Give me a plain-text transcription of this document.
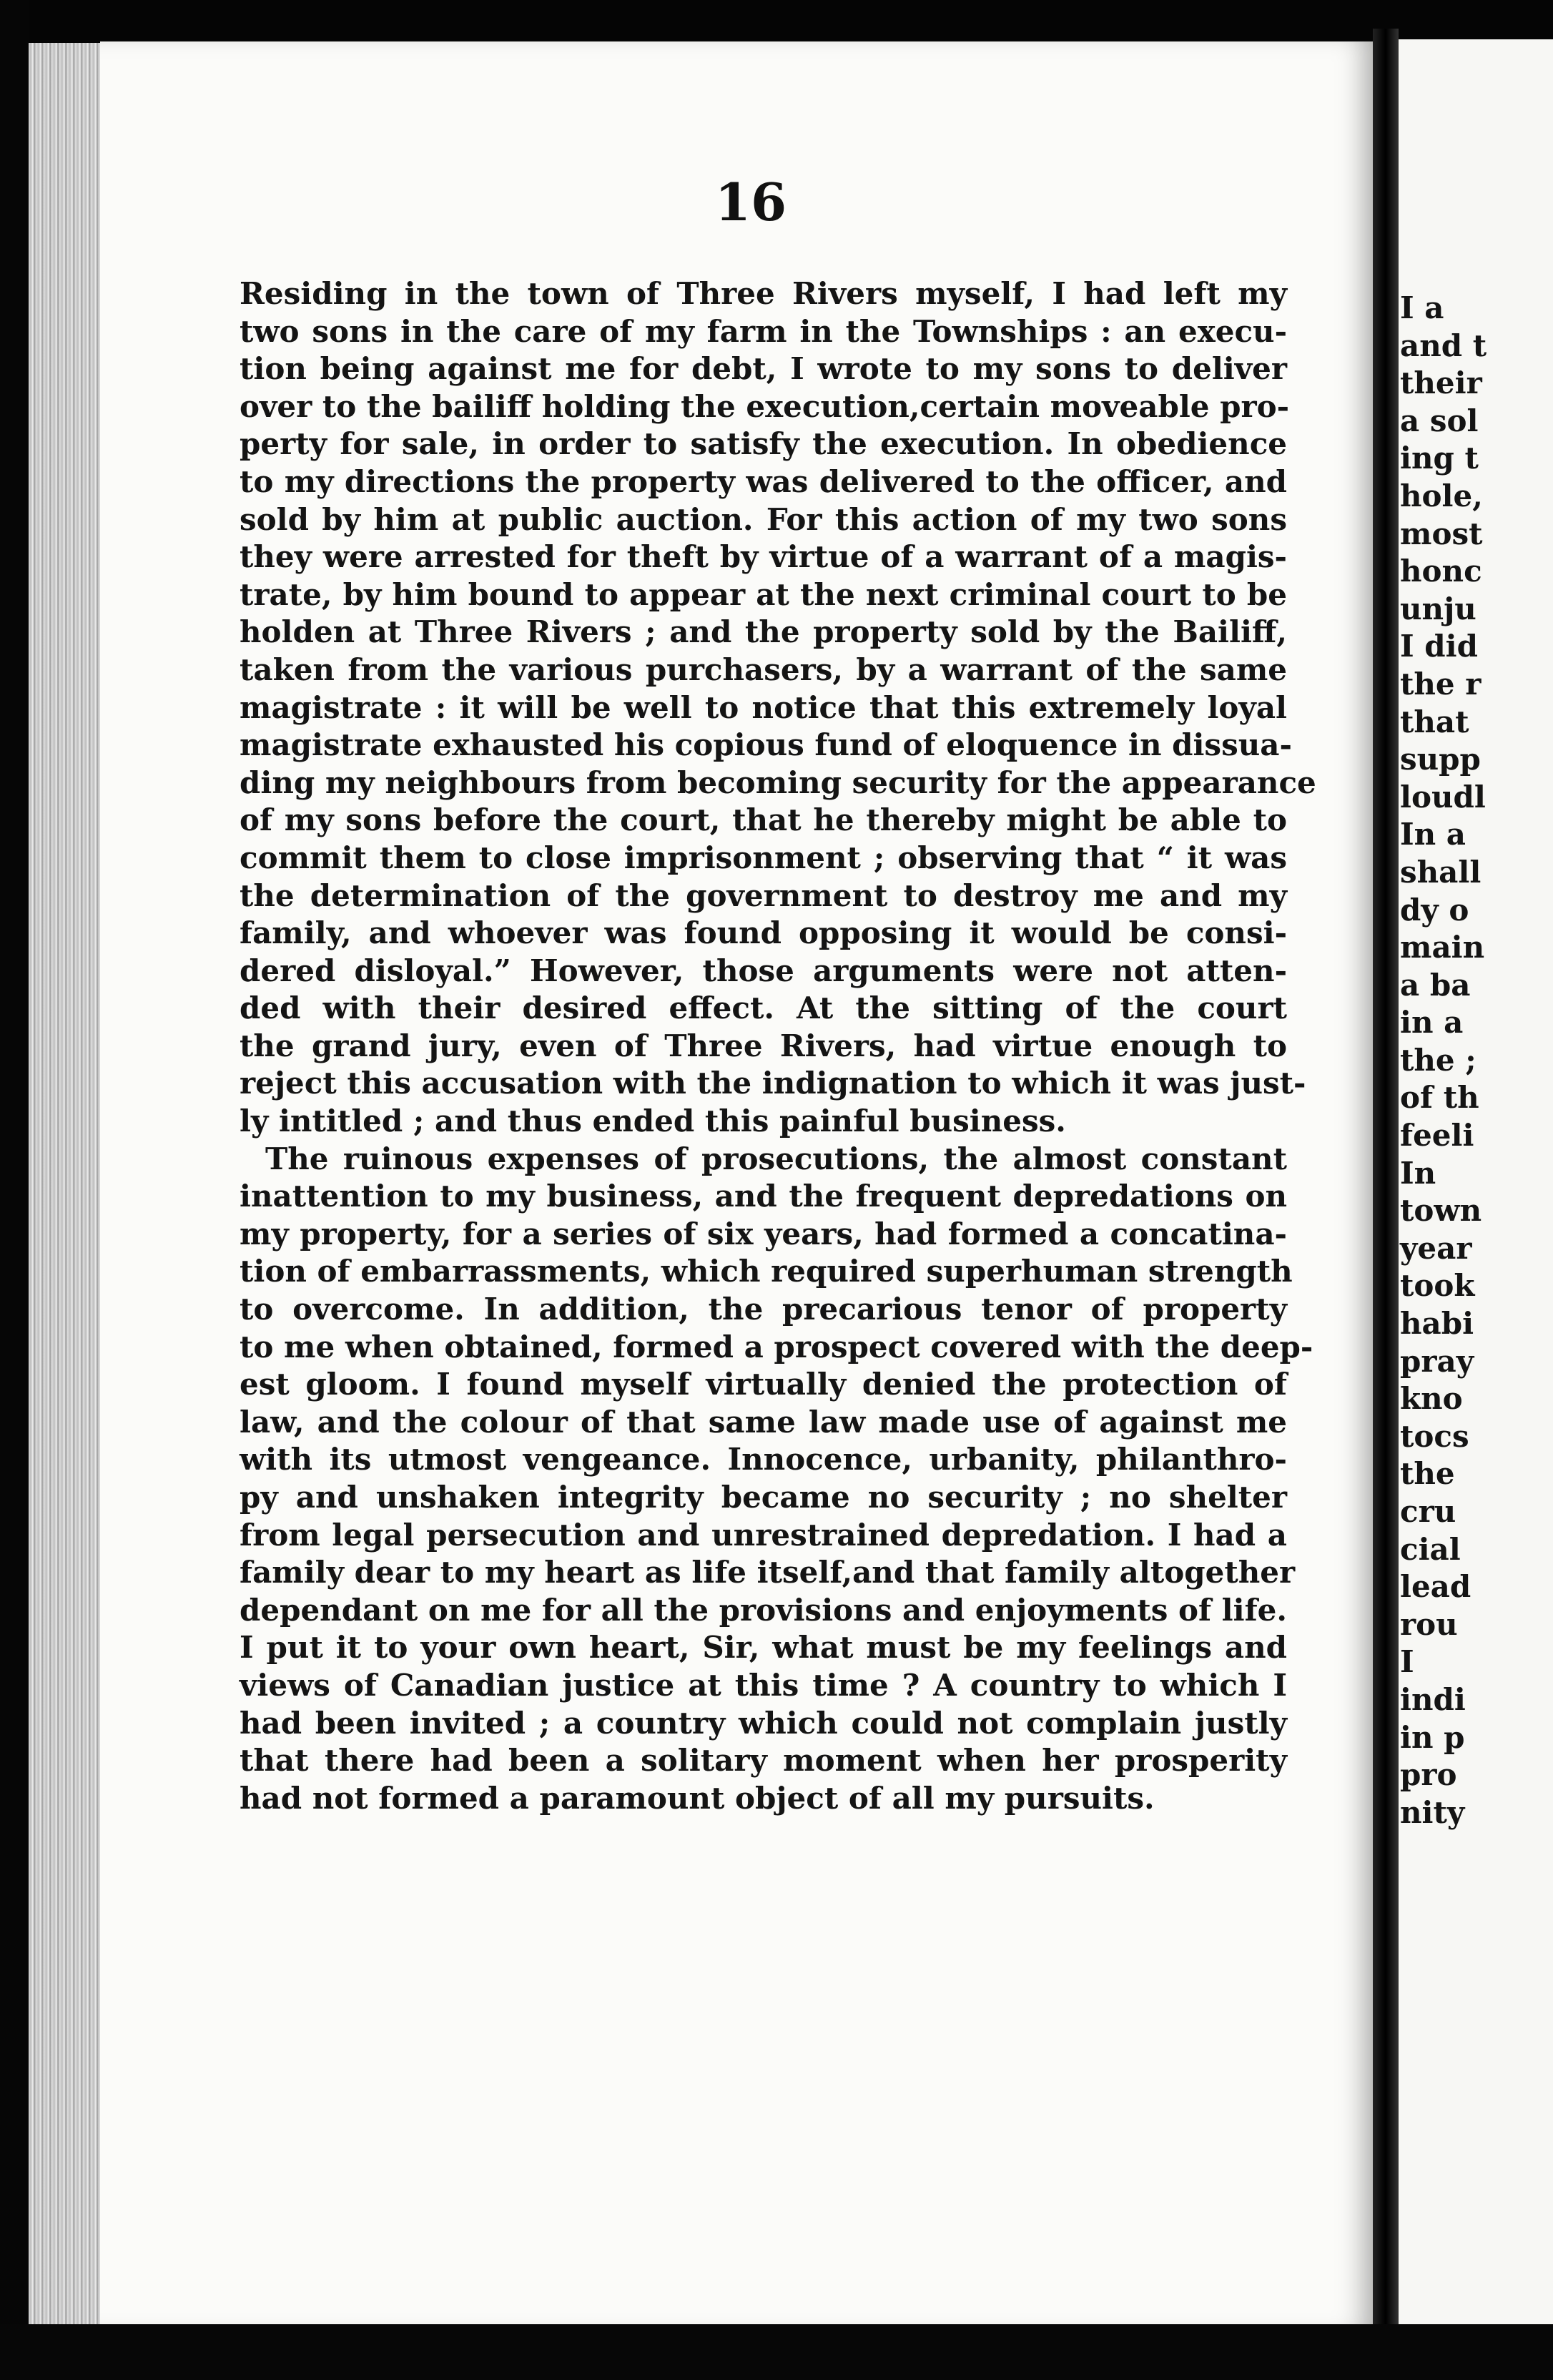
16

Residing in the town of Three Rivers myself, I had left my
two sons in the care of my farm in the Townships : an execu-
tion being against me for debt, I wrote to my sons to deliver
over to the bailiff holding the execution,certain moveable pro-
perty for sale, in order to satisfy the execution. In obedience
to my directions the property was delivered to the officer, and
sold by him at public auction. For this action of my two sons
they were arrested for theft by virtue of a warrant of a magis-
trate, by him bound to appear at the next criminal court to be
holden at Three Rivers ; and the property sold by the Bailiff,
taken from the various purchasers, by a warrant of the same
magistrate : it will be well to notice that this extremely loyal
magistrate exhausted his copious fund of eloquence in dissua-
ding my neighbours from becoming security for the appearance
of my sons before the court, that he thereby might be able to
commit them to close imprisonment ; observing that “ it was
the determination of the government to destroy me and my
family, and whoever was found opposing it would be consi-
dered disloyal.” However, those arguments were not atten-
ded with their desired effect. At the sitting of the court
the grand jury, even of Three Rivers, had virtue enough to
reject this accusation with the indignation to which it was just-
ly intitled ; and thus ended this painful business.

The ruinous expenses of prosecutions, the almost constant
inattention to my business, and the frequent depredations on
my property, for a series of six years, had formed a concatina-
tion of embarrassments, which required superhuman strength
to overcome. In addition, the precarious tenor of property
to me when obtained, formed a prospect covered with the deep-
est gloom. I found myself virtually denied the protection of
law, and the colour of that same law made use of against me
with its utmost vengeance. Innocence, urbanity, philanthro-
py and unshaken integrity became no security ; no shelter
from legal persecution and unrestrained depredation. I had a
family dear to my heart as life itself,and that family altogether
dependant on me for all the provisions and enjoyments of life.
I put it to your own heart, Sir, what must be my feelings and
views of Canadian justice at this time ? A country to which I
had been invited ; a country which could not complain justly
that there had been a solitary moment when her prosperity
had not formed a paramount object of all my pursuits.

I a
and t
their
a sol
ing t
hole,
most
honc
unju
I did
the r
that
supp
loudl
In a
shall
dy o
main
a ba
in a
the ;
of th
feeli
In
town
year
took
habi
pray
kno
tocs
the
cru
cial
lead
rou
I
indi
in p
pro
nity
